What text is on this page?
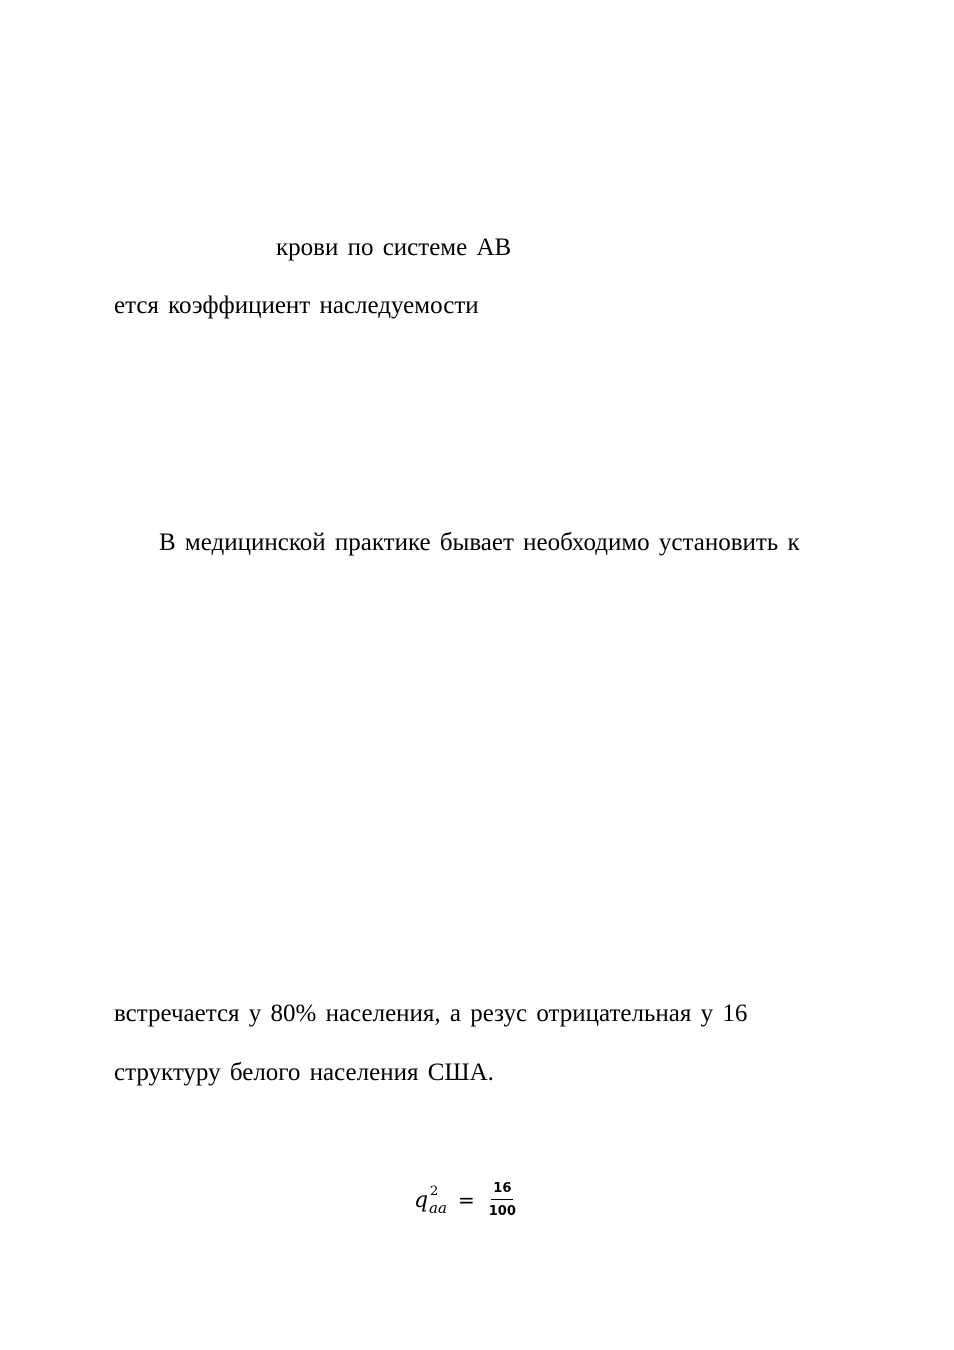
крови по системе АВ
ется коэффициент наследуемости
В медицинской практике бывает необходимо установить к
встречается у 80% населения, а резус отрицательная у 16
структуру белого населения США.
q 2
aa = $\frac{16}{100}$
